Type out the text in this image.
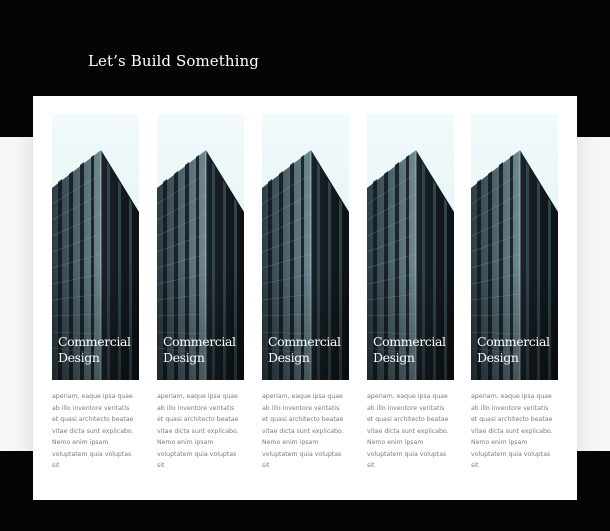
Let’s Build Something
Commercial
Design
aperiam, eaque ipsa quae
ab illo inventore veritatis
et quasi architecto beatae
vitae dicta sunt explicabo.
Nemo enim ipsam
voluptatem quia voluptas
sit
Commercial
Design
aperiam, eaque ipsa quae
ab illo inventore veritatis
et quasi architecto beatae
vitae dicta sunt explicabo.
Nemo enim ipsam
voluptatem quia voluptas
sit
Commercial
Design
aperiam, eaque ipsa quae
ab illo inventore veritatis
et quasi architecto beatae
vitae dicta sunt explicabo.
Nemo enim ipsam
voluptatem quia voluptas
sit
Commercial
Design
aperiam, eaque ipsa quae
ab illo inventore veritatis
et quasi architecto beatae
vitae dicta sunt explicabo.
Nemo enim ipsam
voluptatem quia voluptas
sit
Commercial
Design
aperiam, eaque ipsa quae
ab illo inventore veritatis
et quasi architecto beatae
vitae dicta sunt explicabo.
Nemo enim ipsam
voluptatem quia voluptas
sit
